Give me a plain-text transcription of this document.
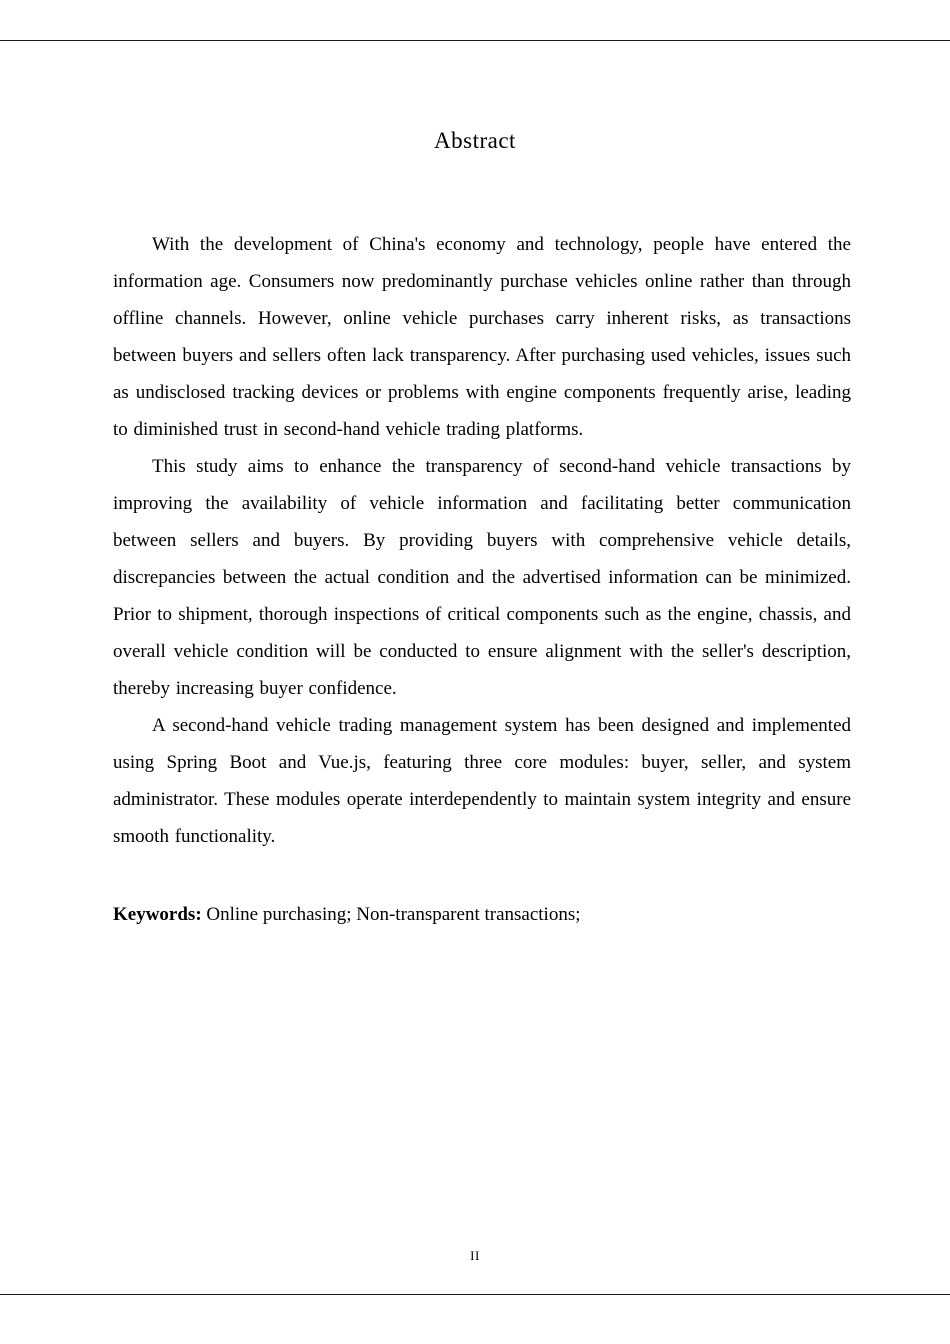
Abstract

With the development of China's economy and technology, people have entered the information age. Consumers now predominantly purchase vehicles online rather than through offline channels. However, online vehicle purchases carry inherent risks, as transactions between buyers and sellers often lack transparency. After purchasing used vehicles, issues such as undisclosed tracking devices or problems with engine components frequently arise, leading to diminished trust in second-hand vehicle trading platforms.

This study aims to enhance the transparency of second-hand vehicle transactions by improving the availability of vehicle information and facilitating better communication between sellers and buyers. By providing buyers with comprehensive vehicle details, discrepancies between the actual condition and the advertised information can be minimized. Prior to shipment, thorough inspections of critical components such as the engine, chassis, and overall vehicle condition will be conducted to ensure alignment with the seller's description, thereby increasing buyer confidence.

A second-hand vehicle trading management system has been designed and implemented using Spring Boot and Vue.js, featuring three core modules: buyer, seller, and system administrator. These modules operate interdependently to maintain system integrity and ensure smooth functionality.

Keywords: Online purchasing; Non-transparent transactions;

II
